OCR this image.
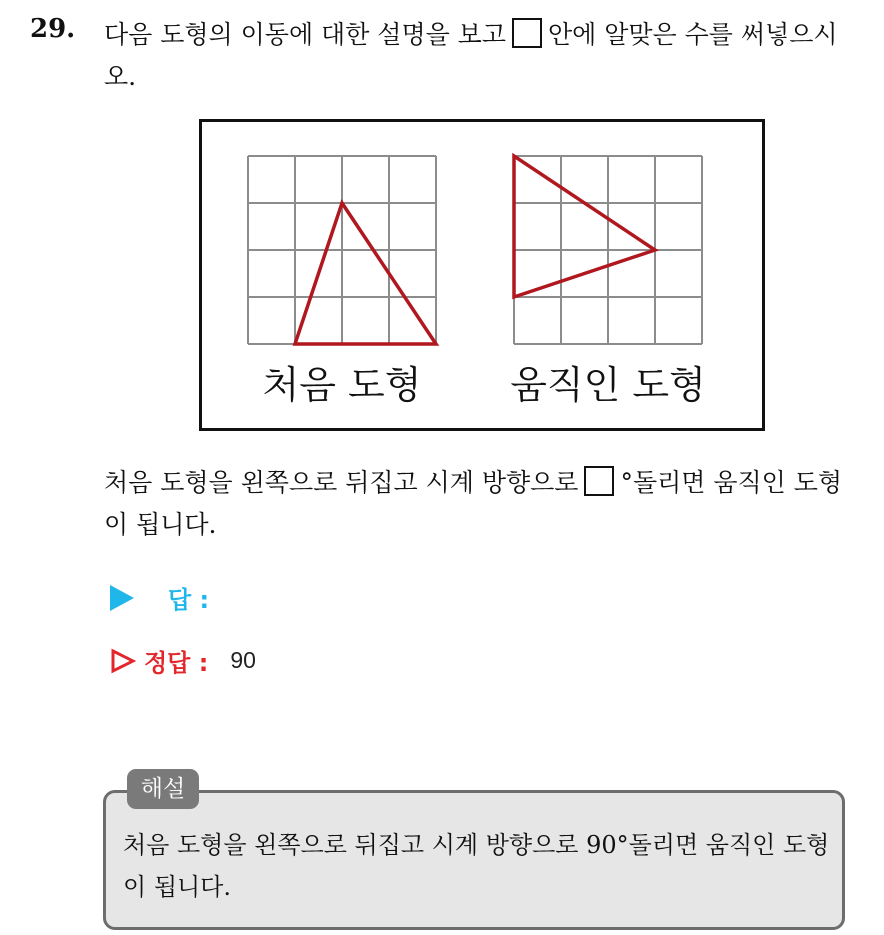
29. 다음 도형의 이동에 대한 설명을 보고 안에 알맞은 수를 써넣으시오.
처음 도형 움직인 도형
처음 도형을 왼쪽으로 뒤집고 시계 방향으로 °돌리면 움직인 도형이 됩니다.
답 :
정답 : 90
해설
처음 도형을 왼쪽으로 뒤집고 시계 방향으로 90°돌리면 움직인 도형이 됩니다.
